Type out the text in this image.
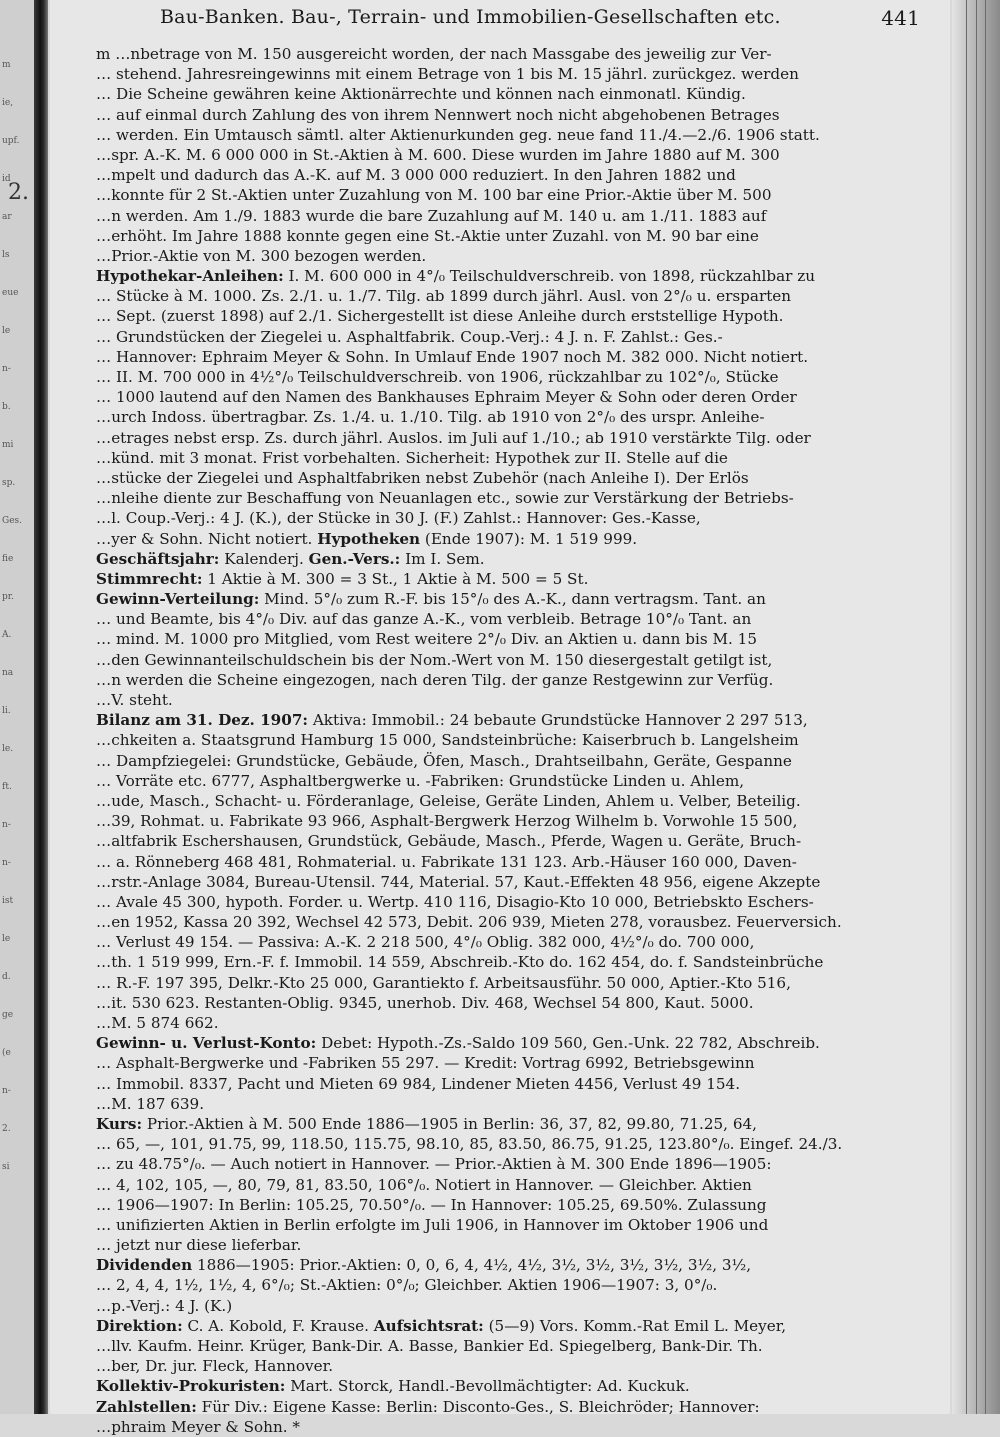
2.
m
ie,
upf.
id
ar
ls
eue
le
n-
b.
mi
sp.
Ges.
fie
pr.
A.
na
li.
le.
ft.
n-
n-
ist
le
d.
ge
(e
n-
2.
si
Bau-Banken. Bau-, Terrain- und Immobilien-Gesellschaften etc.	441
m …nbetrage von M. 150 ausgereicht worden, der nach Massgabe des jeweilig zur Ver-
… stehend. Jahresreingewinns mit einem Betrage von 1 bis M. 15 jährl. zurückgez. werden
… Die Scheine gewähren keine Aktionärrechte und können nach einmonatl. Kündig.
… auf einmal durch Zahlung des von ihrem Nennwert noch nicht abgehobenen Betrages
… werden. Ein Umtausch sämtl. alter Aktienurkunden geg. neue fand 11./4.—2./6. 1906 statt.
…spr. A.-K. M. 6 000 000 in St.-Aktien à M. 600. Diese wurden im Jahre 1880 auf M. 300
…mpelt und dadurch das A.-K. auf M. 3 000 000 reduziert. In den Jahren 1882 und
…konnte für 2 St.-Aktien unter Zuzahlung von M. 100 bar eine Prior.-Aktie über M. 500
…n werden. Am 1./9. 1883 wurde die bare Zuzahlung auf M. 140 u. am 1./11. 1883 auf
…erhöht. Im Jahre 1888 konnte gegen eine St.-Aktie unter Zuzahl. von M. 90 bar eine
…Prior.-Aktie von M. 300 bezogen werden.
Hypothekar-Anleihen: I. M. 600 000 in 4°/₀ Teilschuldverschreib. von 1898, rückzahlbar zu
… Stücke à M. 1000. Zs. 2./1. u. 1./7. Tilg. ab 1899 durch jährl. Ausl. von 2°/₀ u. ersparten
… Sept. (zuerst 1898) auf 2./1. Sichergestellt ist diese Anleihe durch erststellige Hypoth.
… Grundstücken der Ziegelei u. Asphaltfabrik. Coup.-Verj.: 4 J. n. F. Zahlst.: Ges.-
… Hannover: Ephraim Meyer & Sohn. In Umlauf Ende 1907 noch M. 382 000. Nicht notiert.
… II. M. 700 000 in 4½°/₀ Teilschuldverschreib. von 1906, rückzahlbar zu 102°/₀, Stücke
… 1000 lautend auf den Namen des Bankhauses Ephraim Meyer & Sohn oder deren Order
…urch Indoss. übertragbar. Zs. 1./4. u. 1./10. Tilg. ab 1910 von 2°/₀ des urspr. Anleihe-
…etrages nebst ersp. Zs. durch jährl. Auslos. im Juli auf 1./10.; ab 1910 verstärkte Tilg. oder
…künd. mit 3 monat. Frist vorbehalten. Sicherheit: Hypothek zur II. Stelle auf die
…stücke der Ziegelei und Asphaltfabriken nebst Zubehör (nach Anleihe I). Der Erlös
…nleihe diente zur Beschaffung von Neuanlagen etc., sowie zur Verstärkung der Betriebs-
…l. Coup.-Verj.: 4 J. (K.), der Stücke in 30 J. (F.) Zahlst.: Hannover: Ges.-Kasse,
…yer & Sohn. Nicht notiert. Hypotheken (Ende 1907): M. 1 519 999.
Geschäftsjahr: Kalenderj. Gen.-Vers.: Im I. Sem.
Stimmrecht: 1 Aktie à M. 300 = 3 St., 1 Aktie à M. 500 = 5 St.
Gewinn-Verteilung: Mind. 5°/₀ zum R.-F. bis 15°/₀ des A.-K., dann vertragsm. Tant. an
… und Beamte, bis 4°/₀ Div. auf das ganze A.-K., vom verbleib. Betrage 10°/₀ Tant. an
… mind. M. 1000 pro Mitglied, vom Rest weitere 2°/₀ Div. an Aktien u. dann bis M. 15
…den Gewinnanteilschuldschein bis der Nom.-Wert von M. 150 diesergestalt getilgt ist,
…n werden die Scheine eingezogen, nach deren Tilg. der ganze Restgewinn zur Verfüg.
…V. steht.
Bilanz am 31. Dez. 1907: Aktiva: Immobil.: 24 bebaute Grundstücke Hannover 2 297 513,
…chkeiten a. Staatsgrund Hamburg 15 000, Sandsteinbrüche: Kaiserbruch b. Langelsheim
… Dampfziegelei: Grundstücke, Gebäude, Öfen, Masch., Drahtseilbahn, Geräte, Gespanne
… Vorräte etc. 6777, Asphaltbergwerke u. -Fabriken: Grundstücke Linden u. Ahlem,
…ude, Masch., Schacht- u. Förderanlage, Geleise, Geräte Linden, Ahlem u. Velber, Beteilig.
…39, Rohmat. u. Fabrikate 93 966, Asphalt-Bergwerk Herzog Wilhelm b. Vorwohle 15 500,
…altfabrik Eschershausen, Grundstück, Gebäude, Masch., Pferde, Wagen u. Geräte, Bruch-
… a. Rönneberg 468 481, Rohmaterial. u. Fabrikate 131 123. Arb.-Häuser 160 000, Daven-
…rstr.-Anlage 3084, Bureau-Utensil. 744, Material. 57, Kaut.-Effekten 48 956, eigene Akzepte
… Avale 45 300, hypoth. Forder. u. Wertp. 410 116, Disagio-Kto 10 000, Betriebskto Eschers-
…en 1952, Kassa 20 392, Wechsel 42 573, Debit. 206 939, Mieten 278, vorausbez. Feuerversich.
… Verlust 49 154. — Passiva: A.-K. 2 218 500, 4°/₀ Oblig. 382 000, 4½°/₀ do. 700 000,
…th. 1 519 999, Ern.-F. f. Immobil. 14 559, Abschreib.-Kto do. 162 454, do. f. Sandsteinbrüche
… R.-F. 197 395, Delkr.-Kto 25 000, Garantiekto f. Arbeitsausführ. 50 000, Aptier.-Kto 516,
…it. 530 623. Restanten-Oblig. 9345, unerhob. Div. 468, Wechsel 54 800, Kaut. 5000.
…M. 5 874 662.
Gewinn- u. Verlust-Konto: Debet: Hypoth.-Zs.-Saldo 109 560, Gen.-Unk. 22 782, Abschreib.
… Asphalt-Bergwerke und -Fabriken 55 297. — Kredit: Vortrag 6992, Betriebsgewinn
… Immobil. 8337, Pacht und Mieten 69 984, Lindener Mieten 4456, Verlust 49 154.
…M. 187 639.
Kurs: Prior.-Aktien à M. 500 Ende 1886—1905 in Berlin: 36, 37, 82, 99.80, 71.25, 64,
… 65, —, 101, 91.75, 99, 118.50, 115.75, 98.10, 85, 83.50, 86.75, 91.25, 123.80°/₀. Eingef. 24./3.
… zu 48.75°/₀. — Auch notiert in Hannover. — Prior.-Aktien à M. 300 Ende 1896—1905:
… 4, 102, 105, —, 80, 79, 81, 83.50, 106°/₀. Notiert in Hannover. — Gleichber. Aktien
… 1906—1907: In Berlin: 105.25, 70.50°/₀. — In Hannover: 105.25, 69.50%. Zulassung
… unifizierten Aktien in Berlin erfolgte im Juli 1906, in Hannover im Oktober 1906 und
… jetzt nur diese lieferbar.
Dividenden 1886—1905: Prior.-Aktien: 0, 0, 6, 4, 4½, 4½, 3½, 3½, 3½, 3½, 3½, 3½,
… 2, 4, 4, 1½, 1½, 4, 6°/₀; St.-Aktien: 0°/₀; Gleichber. Aktien 1906—1907: 3, 0°/₀.
…p.-Verj.: 4 J. (K.)
Direktion: C. A. Kobold, F. Krause. Aufsichtsrat: (5—9) Vors. Komm.-Rat Emil L. Meyer,
…llv. Kaufm. Heinr. Krüger, Bank-Dir. A. Basse, Bankier Ed. Spiegelberg, Bank-Dir. Th.
…ber, Dr. jur. Fleck, Hannover.
Kollektiv-Prokuristen: Mart. Storck, Handl.-Bevollmächtigter: Ad. Kuckuk.
Zahlstellen: Für Div.: Eigene Kasse: Berlin: Disconto-Ges., S. Bleichröder; Hannover:
…phraim Meyer & Sohn. *
